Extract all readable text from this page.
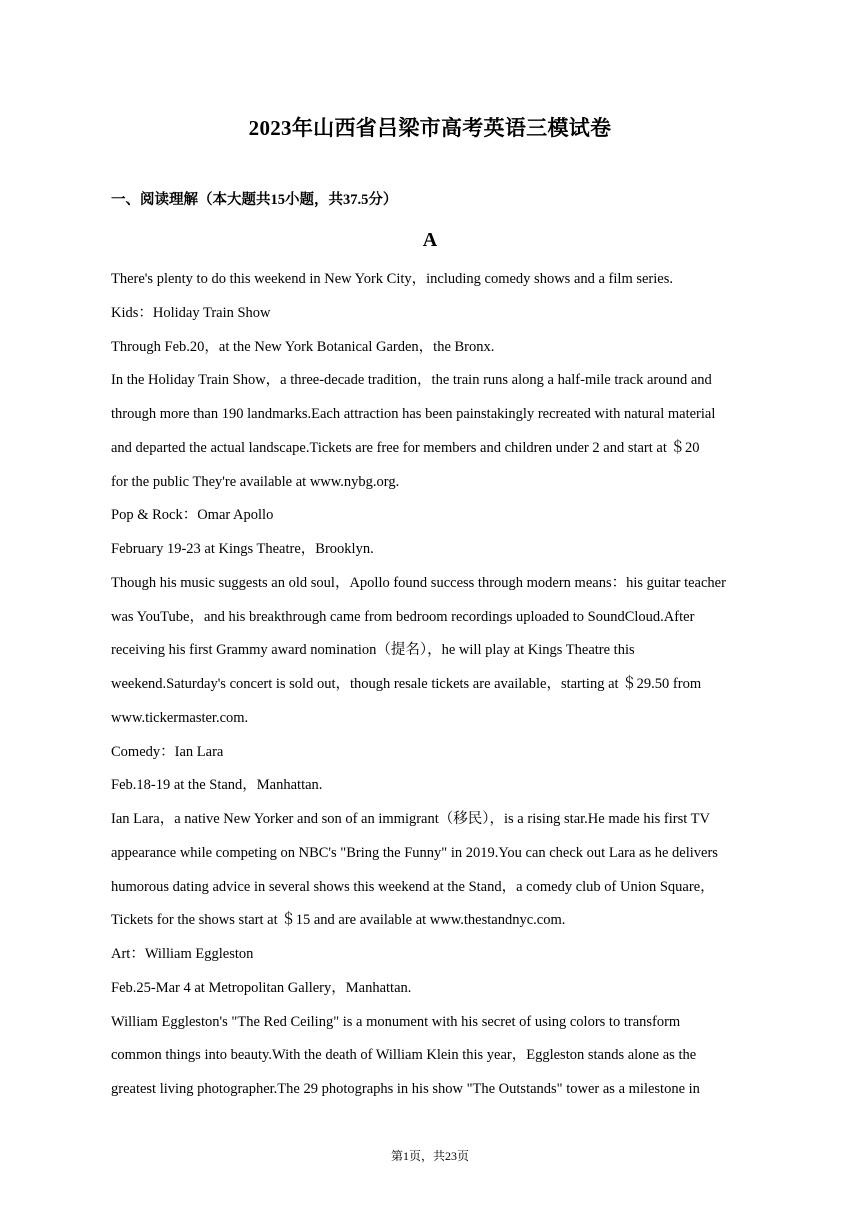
2023年山西省吕梁市高考英语三模试卷
一、阅读理解（本大题共15小题，共37.5分）
A
There's plenty to do this weekend in New York City，including comedy shows and a film series.
Kids：Holiday Train Show
Through Feb.20，at the New York Botanical Garden，the Bronx.
In the Holiday Train Show，a three-decade tradition，the train runs along a half-mile track around and
through more than 190 landmarks.Each attraction has been painstakingly recreated with natural material
and departed the actual landscape.Tickets are free for members and children under 2 and start at ＄20
for the public They're available at www.nybg.org.
Pop & Rock：Omar Apollo
February 19-23 at Kings Theatre，Brooklyn.
Though his music suggests an old soul，Apollo found success through modern means：his guitar teacher
was YouTube，and his breakthrough came from bedroom recordings uploaded to SoundCloud.After
receiving his first Grammy award nomination（提名），he will play at Kings Theatre this
weekend.Saturday's concert is sold out，though resale tickets are available，starting at ＄29.50 from
www.tickermaster.com.
Comedy：Ian Lara
Feb.18-19 at the Stand，Manhattan.
Ian Lara，a native New Yorker and son of an immigrant（移民），is a rising star.He made his first TV
appearance while competing on NBC's "Bring the Funny" in 2019.You can check out Lara as he delivers
humorous dating advice in several shows this weekend at the Stand，a comedy club of Union Square，
Tickets for the shows start at ＄15 and are available at www.thestandnyc.com.
Art：William Eggleston
Feb.25-Mar 4 at Metropolitan Gallery，Manhattan.
William Eggleston's "The Red Ceiling" is a monument with his secret of using colors to transform
common things into beauty.With the death of William Klein this year，Eggleston stands alone as the
greatest living photographer.The 29 photographs in his show "The Outstands" tower as a milestone in
第1页，共23页
